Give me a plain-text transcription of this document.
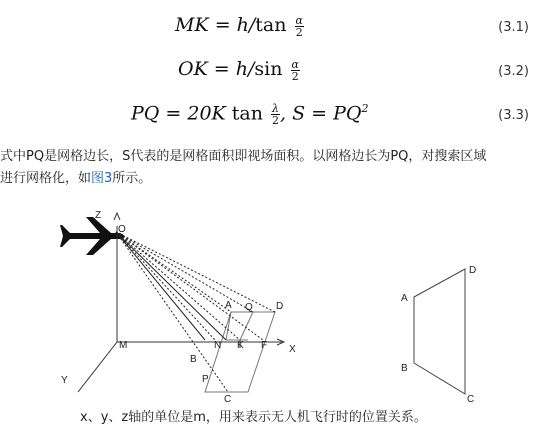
MK = $h/\tan \frac{\alpha}{2}$	(3.1)
OK = $h/\sin \frac{\alpha}{2}$	(3.2)
PQ = 20K $\tan \frac{\lambda}{2}$ , $S = PQ^2$	(3.3)

式中PQ是网格边长，S代表的是网格面积即视场面积。以网格边长为PQ，对搜索区域
进行网格化，如图3所示。

Z
O
M	X
Y
A Q D
N K F
B
P
C
A
D
B
C
x、y、z轴的单位是m，用来表示无人机飞行时的位置关系。
